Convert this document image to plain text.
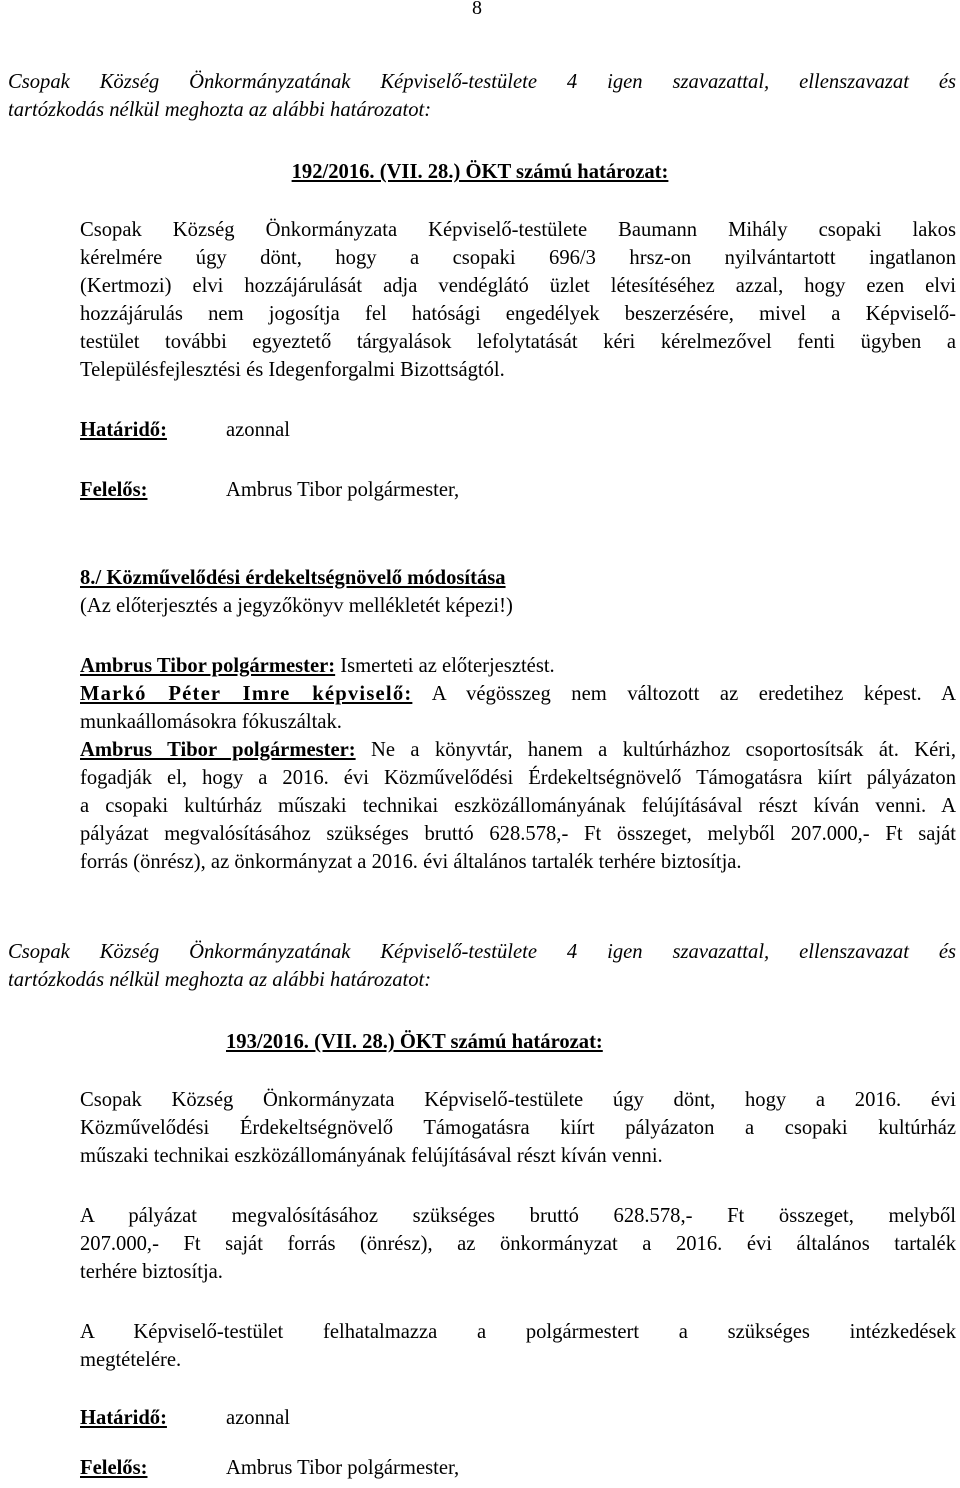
8
Csopak Község Önkormányzatának Képviselő-testülete 4 igen szavazattal, ellenszavazat és
tartózkodás nélkül meghozta az alábbi határozatot:
192/2016. (VII. 28.) ÖKT számú határozat:
Csopak Község Önkormányzata Képviselő-testülete Baumann Mihály csopaki lakos
kérelmére úgy dönt, hogy a csopaki 696/3 hrsz-on nyilvántartott ingatlanon
(Kertmozi) elvi hozzájárulását adja vendéglátó üzlet létesítéséhez azzal, hogy ezen elvi
hozzájárulás nem jogosítja fel hatósági engedélyek beszerzésére, mivel a Képviselő-
testület további egyeztető tárgyalások lefolytatását kéri kérelmezővel fenti ügyben a
Településfejlesztési és Idegenforgalmi Bizottságtól.
Határidő:	azonnal
Felelős:	Ambrus Tibor polgármester,
8./ Közművelődési érdekeltségnövelő módosítása
(Az előterjesztés a jegyzőkönyv mellékletét képezi!)
Ambrus Tibor polgármester: Ismerteti az előterjesztést.
Markó Péter Imre képviselő: A végösszeg nem változott az eredetihez képest. A
munkaállomásokra fókuszáltak.
Ambrus Tibor polgármester: Ne a könyvtár, hanem a kultúrházhoz csoportosítsák át. Kéri,
fogadják el, hogy a 2016. évi Közművelődési Érdekeltségnövelő Támogatásra kiírt pályázaton
a csopaki kultúrház műszaki technikai eszközállományának felújításával részt kíván venni. A
pályázat megvalósításához szükséges bruttó 628.578,- Ft összeget, melyből 207.000,- Ft saját
forrás (önrész), az önkormányzat a 2016. évi általános tartalék terhére biztosítja.
Csopak Község Önkormányzatának Képviselő-testülete 4 igen szavazattal, ellenszavazat és
tartózkodás nélkül meghozta az alábbi határozatot:
193/2016. (VII. 28.) ÖKT számú határozat:
Csopak Község Önkormányzata Képviselő-testülete úgy dönt, hogy a 2016. évi
Közművelődési Érdekeltségnövelő Támogatásra kiírt pályázaton a csopaki kultúrház
műszaki technikai eszközállományának felújításával részt kíván venni.
A pályázat megvalósításához szükséges bruttó 628.578,- Ft összeget, melyből
207.000,- Ft saját forrás (önrész), az önkormányzat a 2016. évi általános tartalék
terhére biztosítja.
A Képviselő-testület felhatalmazza a polgármestert a szükséges intézkedések
megtételére.
Határidő:	azonnal
Felelős:	Ambrus Tibor polgármester,
